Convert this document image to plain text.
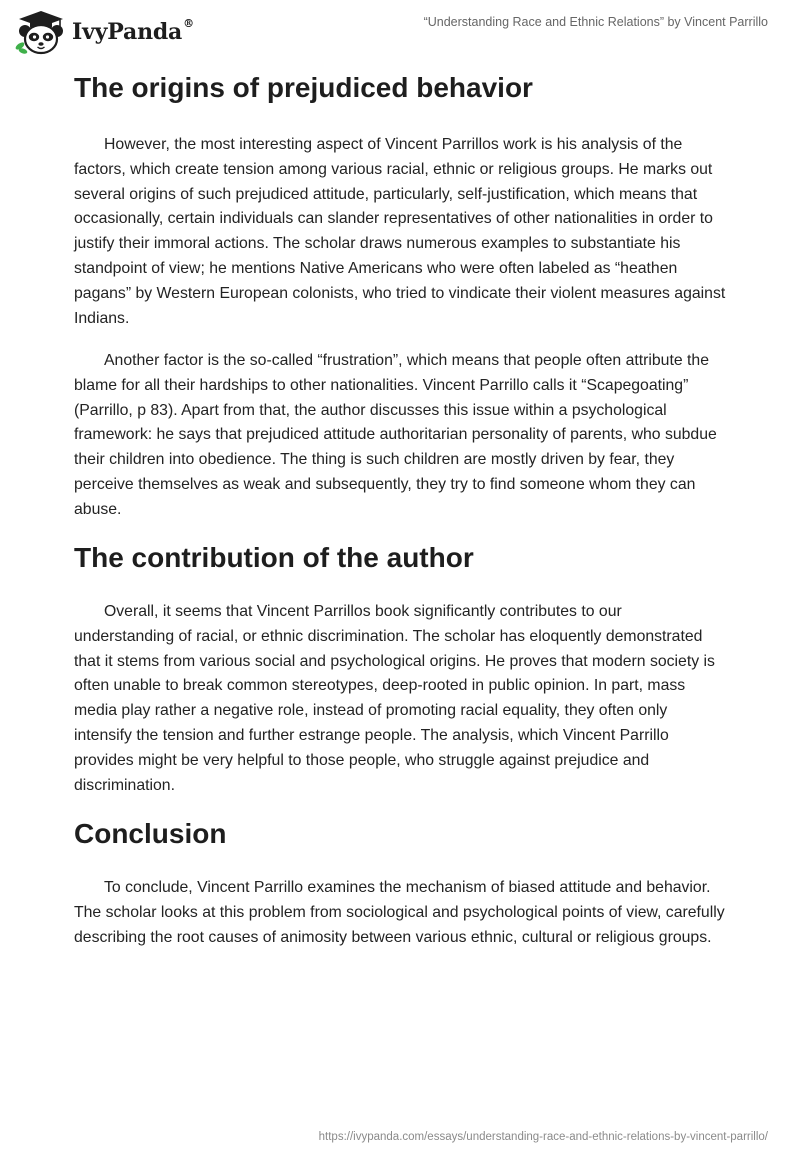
IvyPanda®	“Understanding Race and Ethnic Relations” by Vincent Parrillo
The origins of prejudiced behavior

However, the most interesting aspect of Vincent Parrillos work is his analysis of the factors, which create tension among various racial, ethnic or religious groups. He marks out several origins of such prejudiced attitude, particularly, self-justification, which means that occasionally, certain individuals can slander representatives of other nationalities in order to justify their immoral actions. The scholar draws numerous examples to substantiate his standpoint of view; he mentions Native Americans who were often labeled as “heathen pagans” by Western European colonists, who tried to vindicate their violent measures against Indians.

Another factor is the so-called “frustration”, which means that people often attribute the blame for all their hardships to other nationalities. Vincent Parrillo calls it “Scapegoating” (Parrillo, p 83). Apart from that, the author discusses this issue within a psychological framework: he says that prejudiced attitude authoritarian personality of parents, who subdue their children into obedience. The thing is such children are mostly driven by fear, they perceive themselves as weak and subsequently, they try to find someone whom they can abuse.

The contribution of the author

Overall, it seems that Vincent Parrillos book significantly contributes to our understanding of racial, or ethnic discrimination. The scholar has eloquently demonstrated that it stems from various social and psychological origins. He proves that modern society is often unable to break common stereotypes, deep-rooted in public opinion. In part, mass media play rather a negative role, instead of promoting racial equality, they often only intensify the tension and further estrange people. The analysis, which Vincent Parrillo provides might be very helpful to those people, who struggle against prejudice and discrimination.

Conclusion

To conclude, Vincent Parrillo examines the mechanism of biased attitude and behavior. The scholar looks at this problem from sociological and psychological points of view, carefully describing the root causes of animosity between various ethnic, cultural or religious groups.

https://ivypanda.com/essays/understanding-race-and-ethnic-relations-by-vincent-parrillo/
